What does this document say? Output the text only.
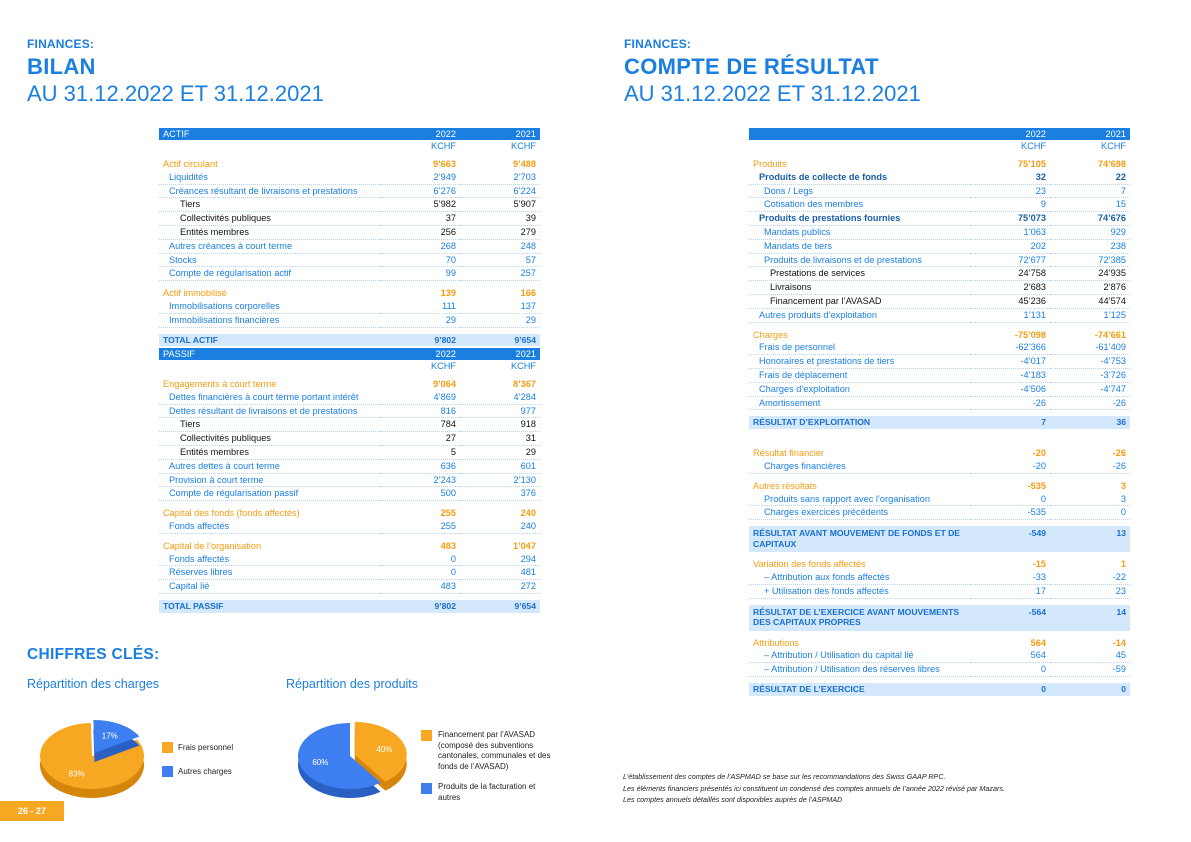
FINANCES:
BILAN
AU 31.12.2022 ET 31.12.2021
FINANCES:
COMPTE DE RÉSULTAT
AU 31.12.2022 ET 31.12.2021
ACTIF	2022	2021
	KCHF	KCHF

Actif circulant	9’663	9’488
Liquidités	2’949	2’703
Créances résultant de livraisons et prestations	6’276	6’224
Tiers	5’982	5’907
Collectivités publiques	37	39
Entités membres	256	279
Autres créances à court terme	268	248
Stocks	70	57
Compte de régularisation actif	99	257

Actif immobilisé	139	166
Immobilisations corporelles	111	137
Immobilisations financières	29	29

TOTAL ACTIF	9’802	9’654
PASSIF	2022	2021
	KCHF	KCHF

Engagements à court terme	9’064	8’367
Dettes financières à court terme portant intérêt	4’869	4’284
Dettes résultant de livraisons et de prestations	816	977
Tiers	784	918
Collectivités publiques	27	31
Entités membres	5	29
Autres dettes à court terme	636	601
Provision à court terme	2’243	2’130
Compte de régularisation passif	500	376

Capital des fonds (fonds affectés)	255	240
Fonds affectés	255	240

Capital de l’organisation	483	1’047
Fonds affectés	0	294
Réserves libres	0	481
Capital lié	483	272

TOTAL PASSIF	9’802	9’654
	2022	2021
	KCHF	KCHF

Produits	75’105	74’698
Produits de collecte de fonds	32	22
Dons / Legs	23	7
Cotisation des membres	9	15
Produits de prestations fournies	75’073	74’676
Mandats publics	1’063	929
Mandats de tiers	202	238
Produits de livraisons et de prestations	72’677	72’385
Prestations de services	24’758	24’935
Livraisons	2’683	2’876
Financement par l’AVASAD	45’236	44’574
Autres produits d’exploitation	1’131	1’125

Charges	-75’098	-74’661
Frais de personnel	-62’366	-61’409
Honoraires et prestations de tiers	-4’017	-4’753
Frais de déplacement	-4’183	-3’726
Charges d’exploitation	-4’506	-4’747
Amortissement	-26	-26

RÉSULTAT D’EXPLOITATION	7	36

Résultat financier	-20	-26
Charges financières	-20	-26

Autres résultats	-535	3
Produits sans rapport avec l’organisation	0	3
Charges exercices précédents	-535	0

RÉSULTAT AVANT MOUVEMENT DE FONDS ET DE CAPITAUX	-549	13

Variation des fonds affectés	-15	1
– Attribution aux fonds affectés	-33	-22
+ Utilisation des fonds affectés	17	23

RÉSULTAT DE L’EXERCICE AVANT MOUVEMENTS DES CAPITAUX PROPRES	-564	14

Attributions	564	-14
– Attribution / Utilisation du capital lié	564	45
– Attribution / Utilisation des réserves libres	0	-59

RÉSULTAT DE L’EXERCICE	0	0
CHIFFRES CLÉS:
Répartition des charges	Répartition des produits
83%
17%
40%
60%
Frais personnel
Autres charges
Financement par l’AVASAD (composé des subventions cantonales, communales et des fonds de l’AVASAD)
Produits de la facturation et autres
L’établissement des comptes de l’ASPMAD se base sur les recommandations des Swiss GAAP RPC.
Les éléments financiers présentés ici constituent un condensé des comptes annuels de l’année 2022 révisé par Mazars.
Les comptes annuels détaillés sont disponibles auprès de l’ASPMAD
26 - 27
